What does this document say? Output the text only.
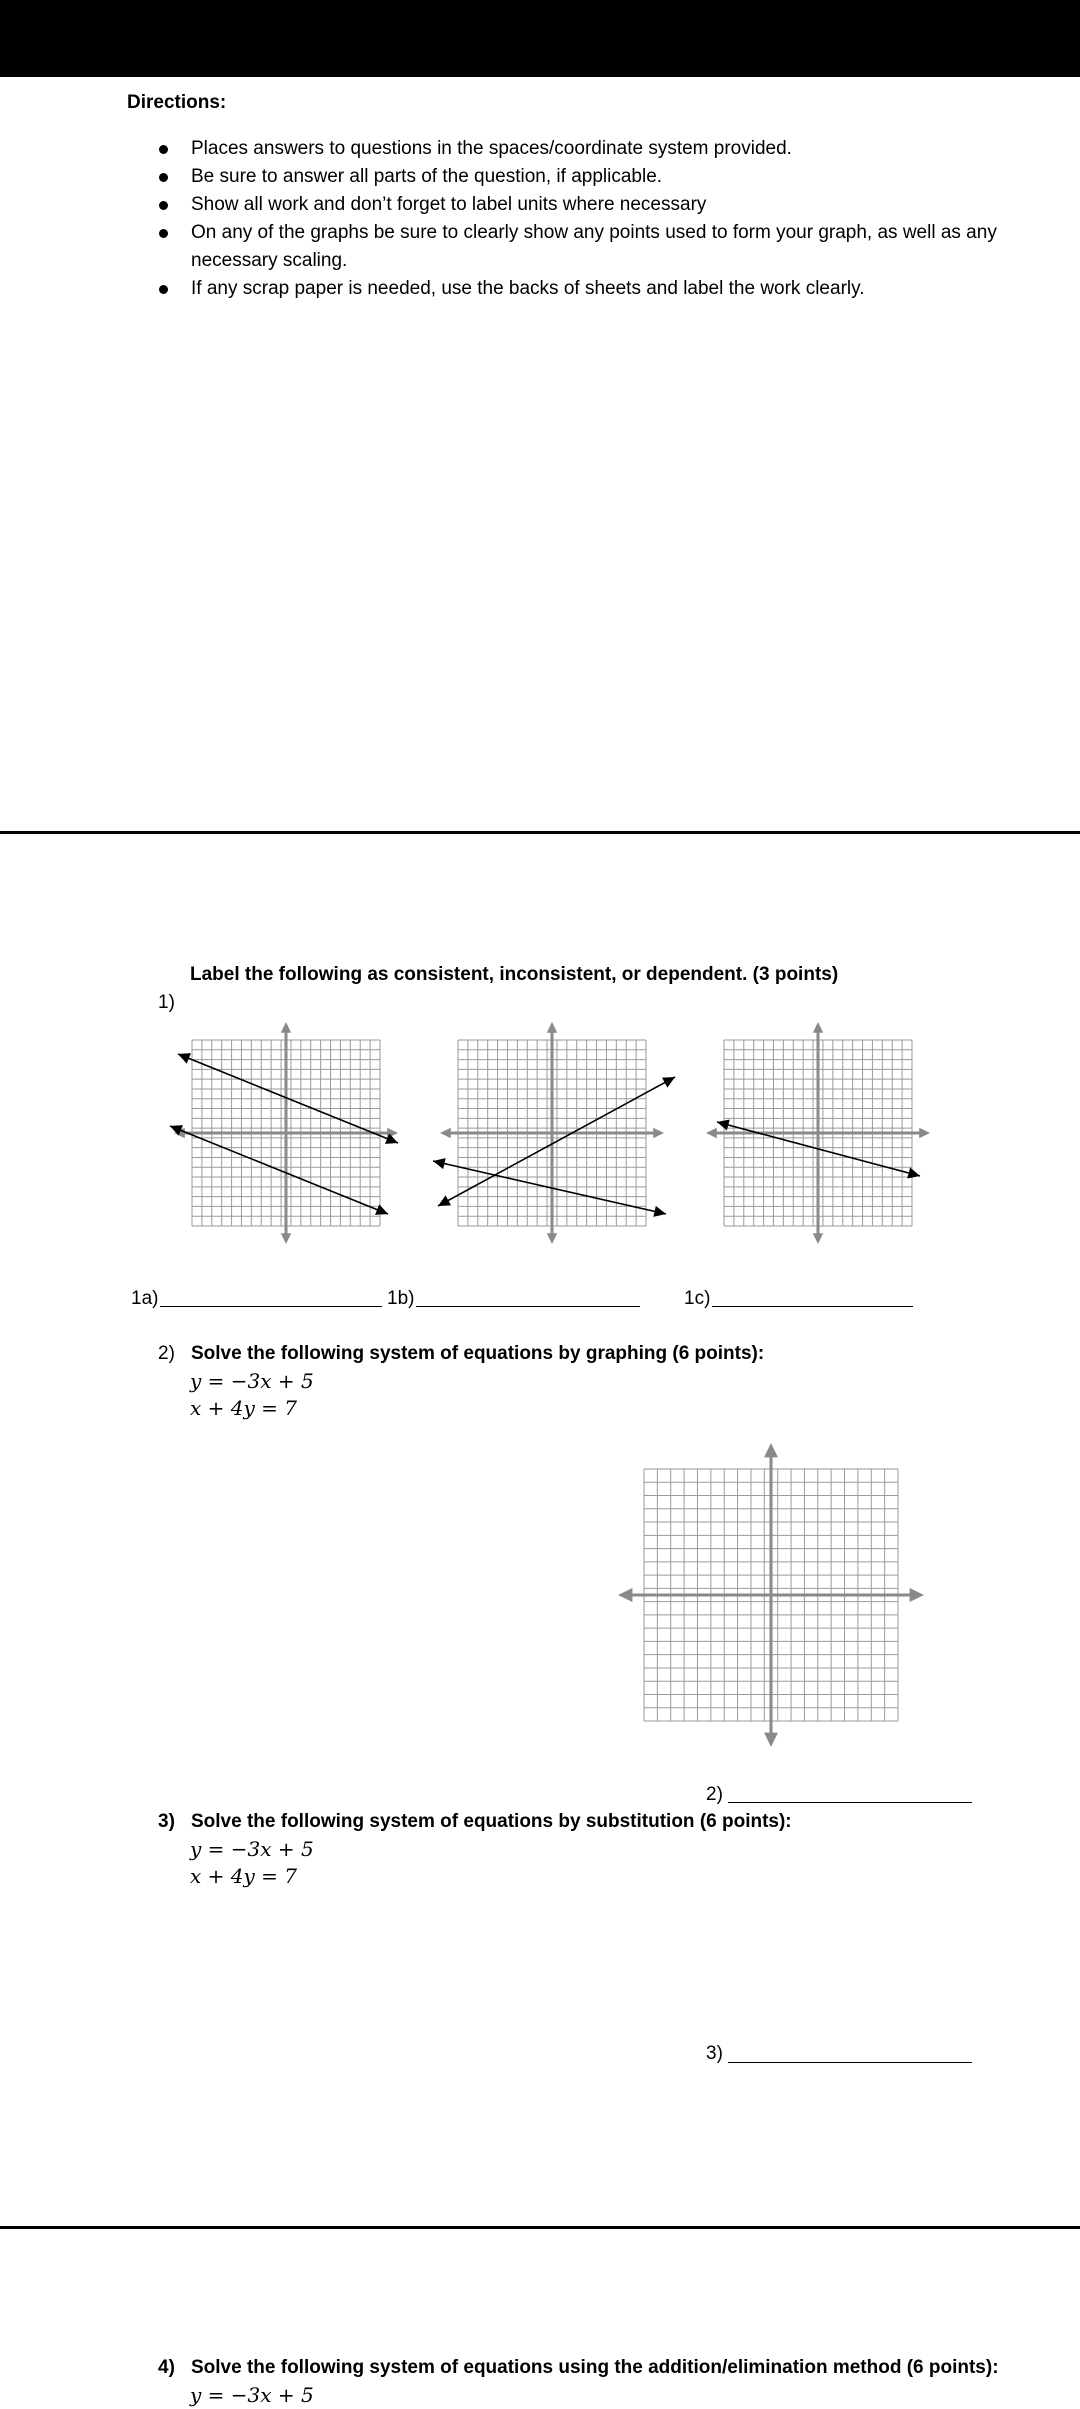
Directions:
Places answers to questions in the spaces/coordinate system provided.
Be sure to answer all parts of the question, if applicable.
Show all work and don’t forget to label units where necessary
On any of the graphs be sure to clearly show any points used to form your graph, as well as any
necessary scaling.
If any scrap paper is needed, use the backs of sheets and label the work clearly.
Label the following as consistent, inconsistent, or dependent. (3 points)
1)
1a)	1b)	1c)
2) Solve the following system of equations by graphing (6 points):
y = −3x + 5
x + 4y = 7
2)
3) Solve the following system of equations by substitution (6 points):
y = −3x + 5
x + 4y = 7
3)
4) Solve the following system of equations using the addition/elimination method (6 points):
y = −3x + 5
